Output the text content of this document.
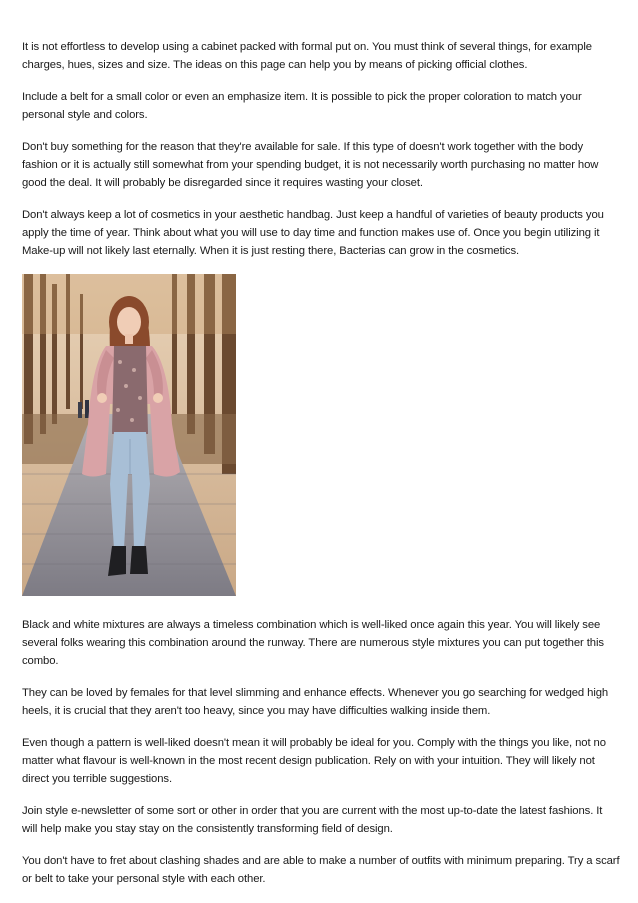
It is not effortless to develop using a cabinet packed with formal put on. You must think of several things, for example charges, hues, sizes and size. The ideas on this page can help you by means of picking official clothes.

Include a belt for a small color or even an emphasize item. It is possible to pick the proper coloration to match your personal style and colors.

Don't buy something for the reason that they're available for sale. If this type of doesn't work together with the body fashion or it is actually still somewhat from your spending budget, it is not necessarily worth purchasing no matter how good the deal. It will probably be disregarded since it requires wasting your closet.

Don't always keep a lot of cosmetics in your aesthetic handbag. Just keep a handful of varieties of beauty products you apply the time of year. Think about what you will use to day time and function makes use of. Once you begin utilizing it Make-up will not likely last eternally. When it is just resting there, Bacterias can grow in the cosmetics.

Black and white mixtures are always a timeless combination which is well-liked once again this year. You will likely see several folks wearing this combination around the runway. There are numerous style mixtures you can put together this combo.

They can be loved by females for that level slimming and enhance effects. Whenever you go searching for wedged high heels, it is crucial that they aren't too heavy, since you may have difficulties walking inside them.

Even though a pattern is well-liked doesn't mean it will probably be ideal for you. Comply with the things you like, not no matter what flavour is well-known in the most recent design publication. Rely on with your intuition. They will likely not direct you terrible suggestions.

Join style e-newsletter of some sort or other in order that you are current with the most up-to-date the latest fashions. It will help make you stay stay on the consistently transforming field of design.

You don't have to fret about clashing shades and are able to make a number of outfits with minimum preparing. Try a scarf or belt to take your personal style with each other.
